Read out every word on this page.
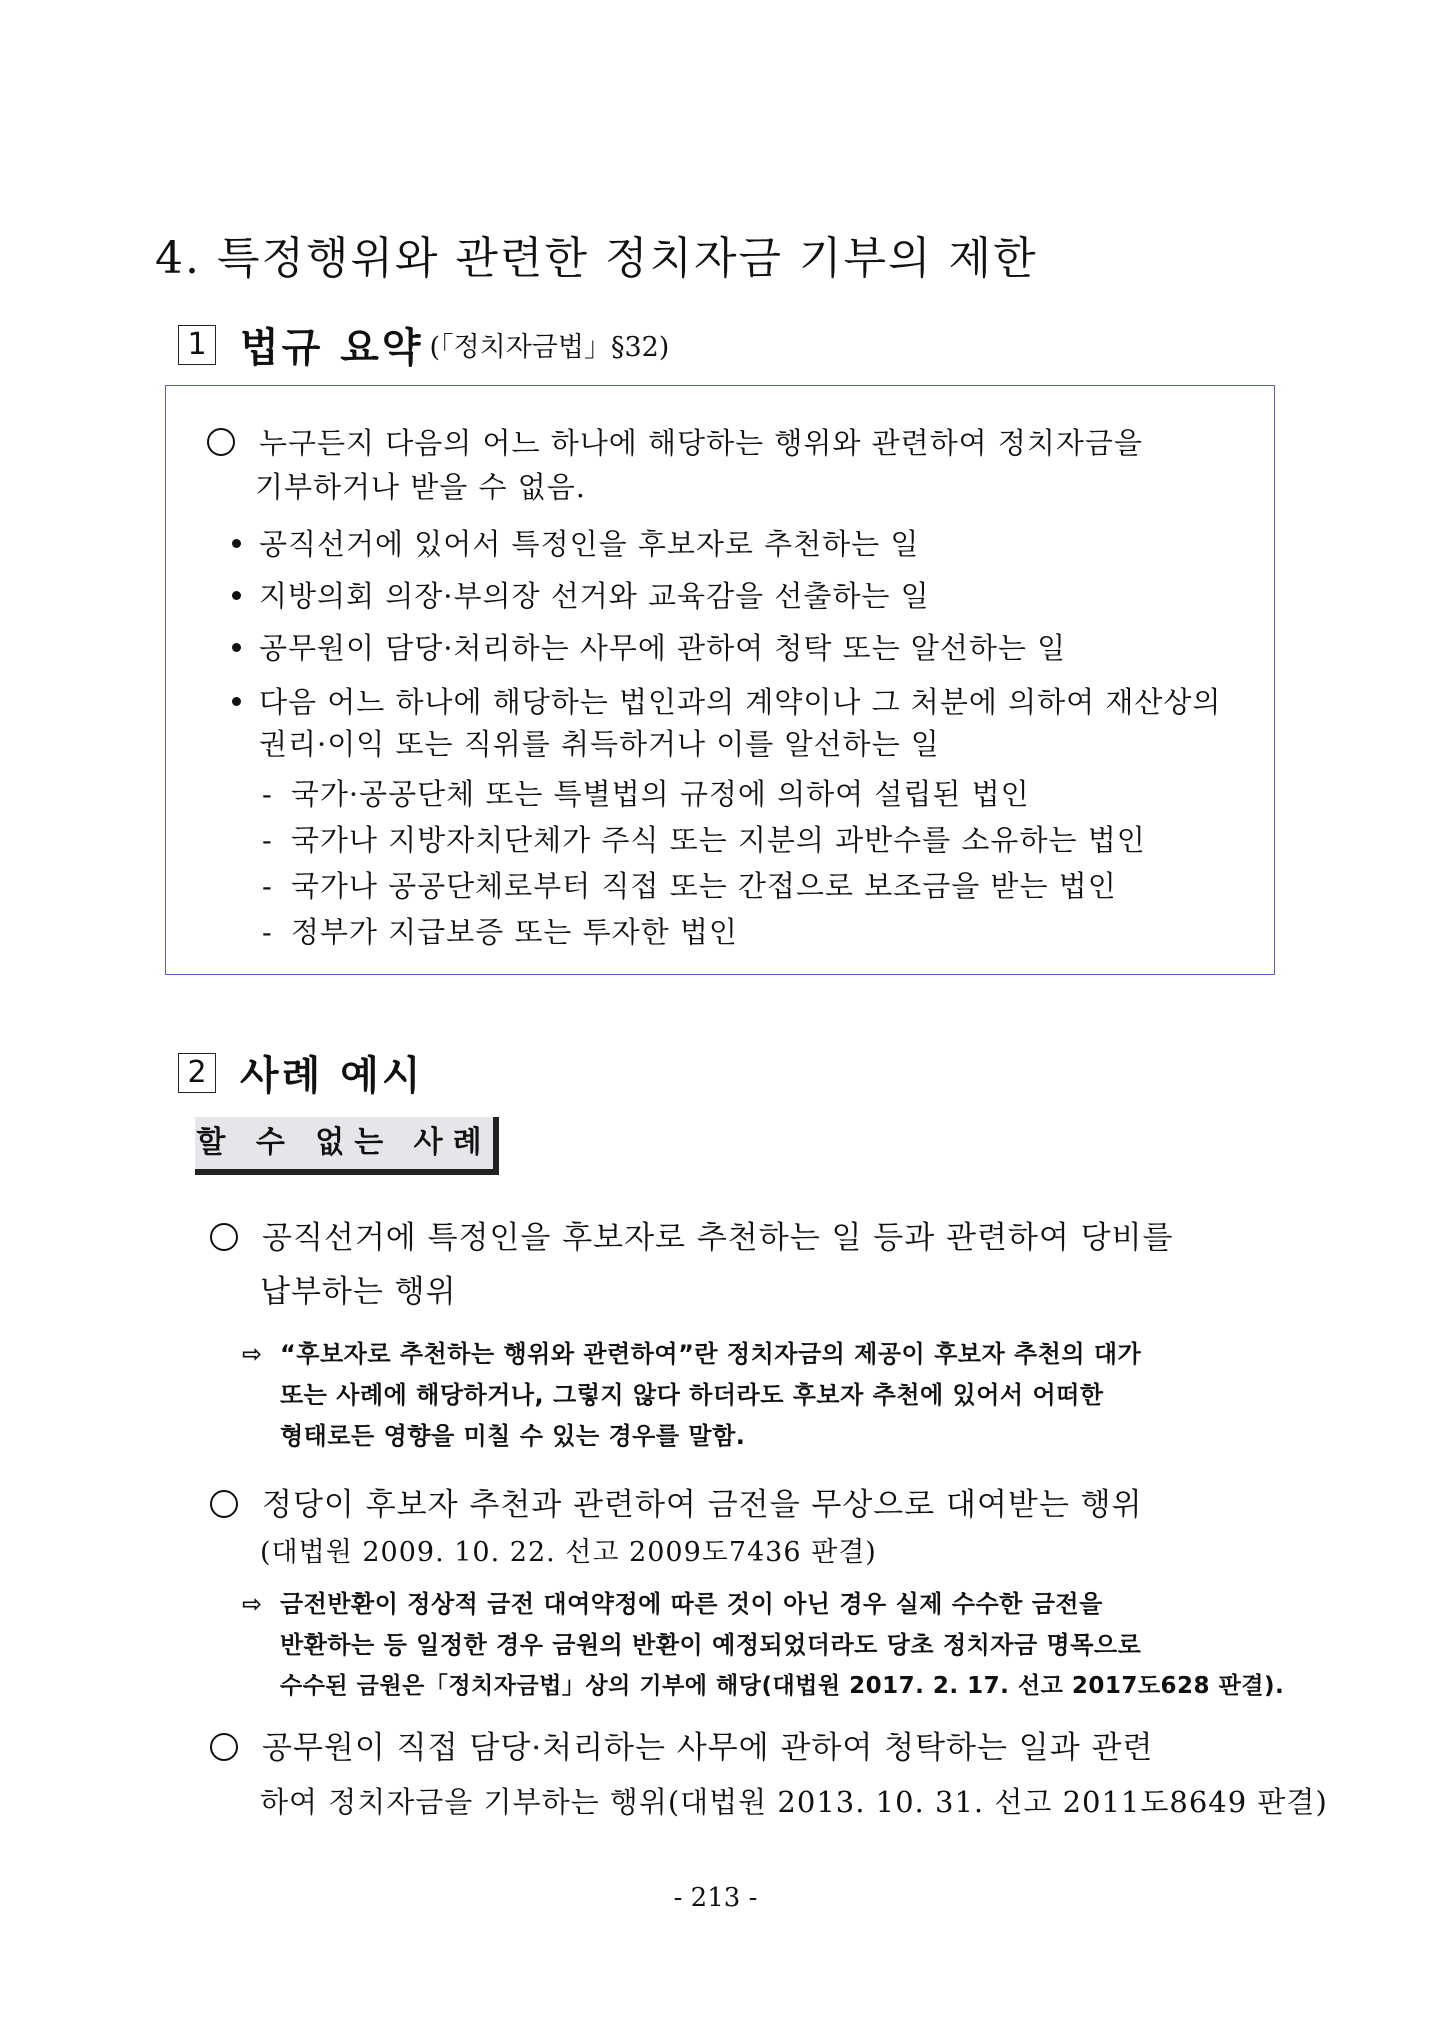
4. 특정행위와 관련한 정치자금 기부의 제한
1 법규 요약 (「정치자금법」§32)
누구든지 다음의 어느 하나에 해당하는 행위와 관련하여 정치자금을
기부하거나 받을 수 없음.
공직선거에 있어서 특정인을 후보자로 추천하는 일
지방의회 의장·부의장 선거와 교육감을 선출하는 일
공무원이 담당·처리하는 사무에 관하여 청탁 또는 알선하는 일
다음 어느 하나에 해당하는 법인과의 계약이나 그 처분에 의하여 재산상의
권리·이익 또는 직위를 취득하거나 이를 알선하는 일
- 국가·공공단체 또는 특별법의 규정에 의하여 설립된 법인
- 국가나 지방자치단체가 주식 또는 지분의 과반수를 소유하는 법인
- 국가나 공공단체로부터 직접 또는 간접으로 보조금을 받는 법인
- 정부가 지급보증 또는 투자한 법인
2 사례 예시
할 수 없는 사례
공직선거에 특정인을 후보자로 추천하는 일 등과 관련하여 당비를
납부하는 행위
⇨ “후보자로 추천하는 행위와 관련하여”란 정치자금의 제공이 후보자 추천의 대가
또는 사례에 해당하거나, 그렇지 않다 하더라도 후보자 추천에 있어서 어떠한
형태로든 영향을 미칠 수 있는 경우를 말함.
정당이 후보자 추천과 관련하여 금전을 무상으로 대여받는 행위
(대법원 2009. 10. 22. 선고 2009도7436 판결)
⇨ 금전반환이 정상적 금전 대여약정에 따른 것이 아닌 경우 실제 수수한 금전을
반환하는 등 일정한 경우 금원의 반환이 예정되었더라도 당초 정치자금 명목으로
수수된 금원은「정치자금법」상의 기부에 해당(대법원 2017. 2. 17. 선고 2017도628 판결).
공무원이 직접 담당·처리하는 사무에 관하여 청탁하는 일과 관련
하여 정치자금을 기부하는 행위(대법원 2013. 10. 31. 선고 2011도8649 판결)
- 213 -
